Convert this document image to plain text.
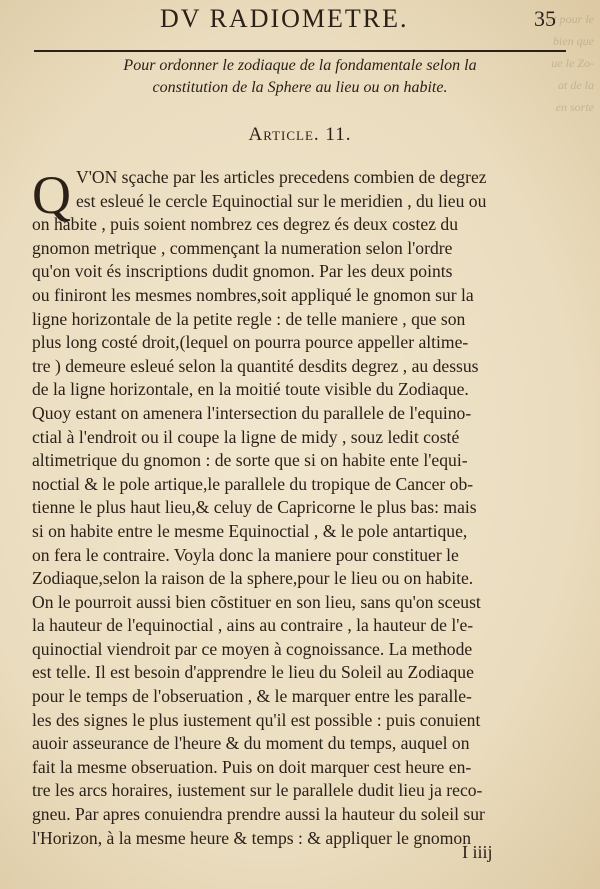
et pour le
bien que
ue le Zo-
at de la
en sorte
DV RADIOMETRE.	35
Pour ordonner le zodiaque de la fondamentale selon la
constitution de la Sphere au lieu ou on habite.
Article. 11.
Q V'ON sçache par les articles precedens combien de degrez
est esleué le cercle Equinoctial sur le meridien , du lieu ou
on habite , puis soient nombrez ces degrez és deux costez du
gnomon metrique , commençant la numeration selon l'ordre
qu'on voit és inscriptions dudit gnomon. Par les deux points
ou finiront les mesmes nombres,soit appliqué le gnomon sur la
ligne horizontale de la petite regle : de telle maniere , que son
plus long costé droit,(lequel on pourra pource appeller altime-
tre ) demeure esleué selon la quantité desdits degrez , au dessus
de la ligne horizontale, en la moitié toute visible du Zodiaque.
Quoy estant on amenera l'intersection du parallele de l'equino-
ctial à l'endroit ou il coupe la ligne de midy , souz ledit costé
altimetrique du gnomon : de sorte que si on habite ente l'equi-
noctial & le pole artique,le parallele du tropique de Cancer ob-
tienne le plus haut lieu,& celuy de Capricorne le plus bas: mais
si on habite entre le mesme Equinoctial , & le pole antartique,
on fera le contraire. Voyla donc la maniere pour constituer le
Zodiaque,selon la raison de la sphere,pour le lieu ou on habite.
On le pourroit aussi bien cõstituer en son lieu, sans qu'on sceust
la hauteur de l'equinoctial , ains au contraire , la hauteur de l'e-
quinoctial viendroit par ce moyen à cognoissance. La methode
est telle. Il est besoin d'apprendre le lieu du Soleil au Zodiaque
pour le temps de l'obseruation , & le marquer entre les paralle-
les des signes le plus iustement qu'il est possible : puis conuient
auoir asseurance de l'heure & du moment du temps, auquel on
fait la mesme obseruation. Puis on doit marquer cest heure en-
tre les arcs horaires, iustement sur le parallele dudit lieu ja reco-
gneu. Par apres conuiendra prendre aussi la hauteur du soleil sur
l'Horizon, à la mesme heure & temps : & appliquer le gnomon
I iiij
